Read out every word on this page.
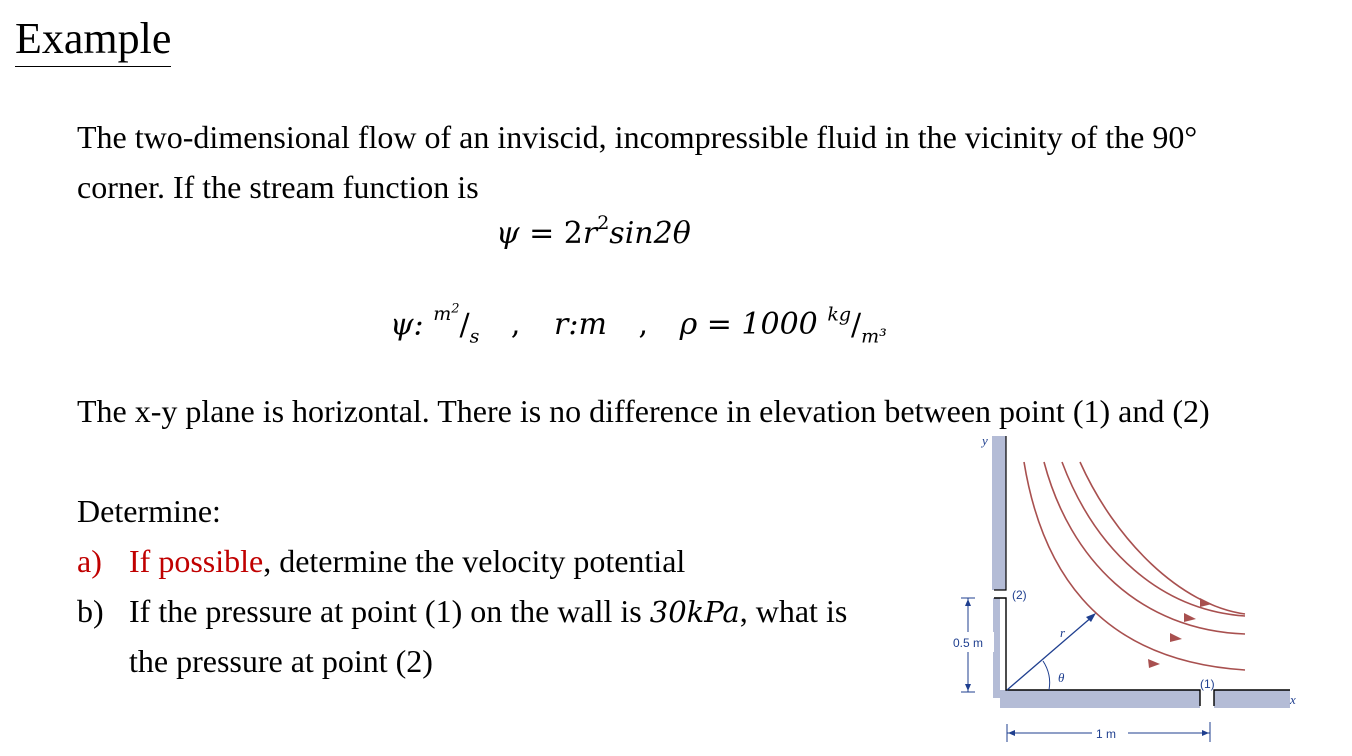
Example
The two-dimensional flow of an inviscid, incompressible fluid in the vicinity of the 90°
corner. If the stream function is
$\psi = 2r^2\sin 2\theta$
ψ: $^{m^2}/_s$ , r:m , ρ = 1000 $^{kg}/_{m^3}$
The x-y plane is horizontal. There is no difference in elevation between point (1) and (2)
Determine:
a) If possible, determine the velocity potential
b) If the pressure at point (1) on the wall is 30kPa, what is
the pressure at point (2)
y
x
(2)
(1)
r
θ
0.5 m
1 m
